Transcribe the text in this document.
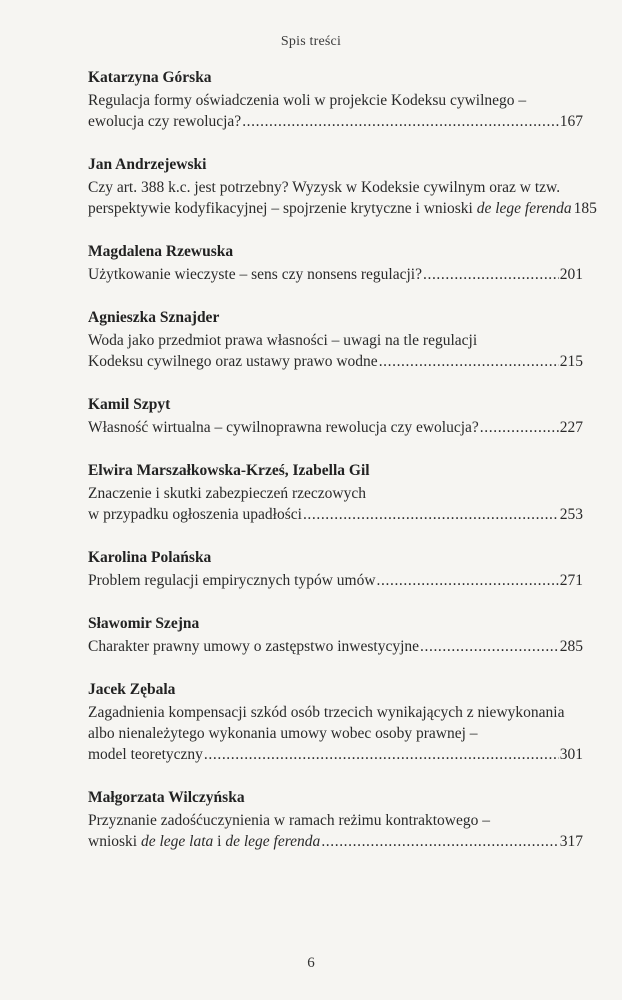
Spis treści
Katarzyna Górska
Regulacja formy oświadczenia woli w projekcie Kodeksu cywilnego –
ewolucja czy rewolucja? .....	167
Jan Andrzejewski
Czy art. 388 k.c. jest potrzebny? Wyzysk w Kodeksie cywilnym oraz w tzw.
perspektywie kodyfikacyjnej – spojrzenie krytyczne i wnioski de lege ferenda 185
Magdalena Rzewuska
Użytkowanie wieczyste – sens czy nonsens regulacji? .....	201
Agnieszka Sznajder
Woda jako przedmiot prawa własności – uwagi na tle regulacji
Kodeksu cywilnego oraz ustawy prawo wodne .....	215
Kamil Szpyt
Własność wirtualna – cywilnoprawna rewolucja czy ewolucja? .....	227
Elwira Marszałkowska-Krześ, Izabella Gil
Znaczenie i skutki zabezpieczeń rzeczowych
w przypadku ogłoszenia upadłości .....	253
Karolina Polańska
Problem regulacji empirycznych typów umów .....	271
Sławomir Szejna
Charakter prawny umowy o zastępstwo inwestycyjne .....	285
Jacek Zębala
Zagadnienia kompensacji szkód osób trzecich wynikających z niewykonania
albo nienależytego wykonania umowy wobec osoby prawnej –
model teoretyczny .....	301
Małgorzata Wilczyńska
Przyznanie zadośćuczynienia w ramach reżimu kontraktowego –
wnioski de lege lata i de lege ferenda .....	317
6
